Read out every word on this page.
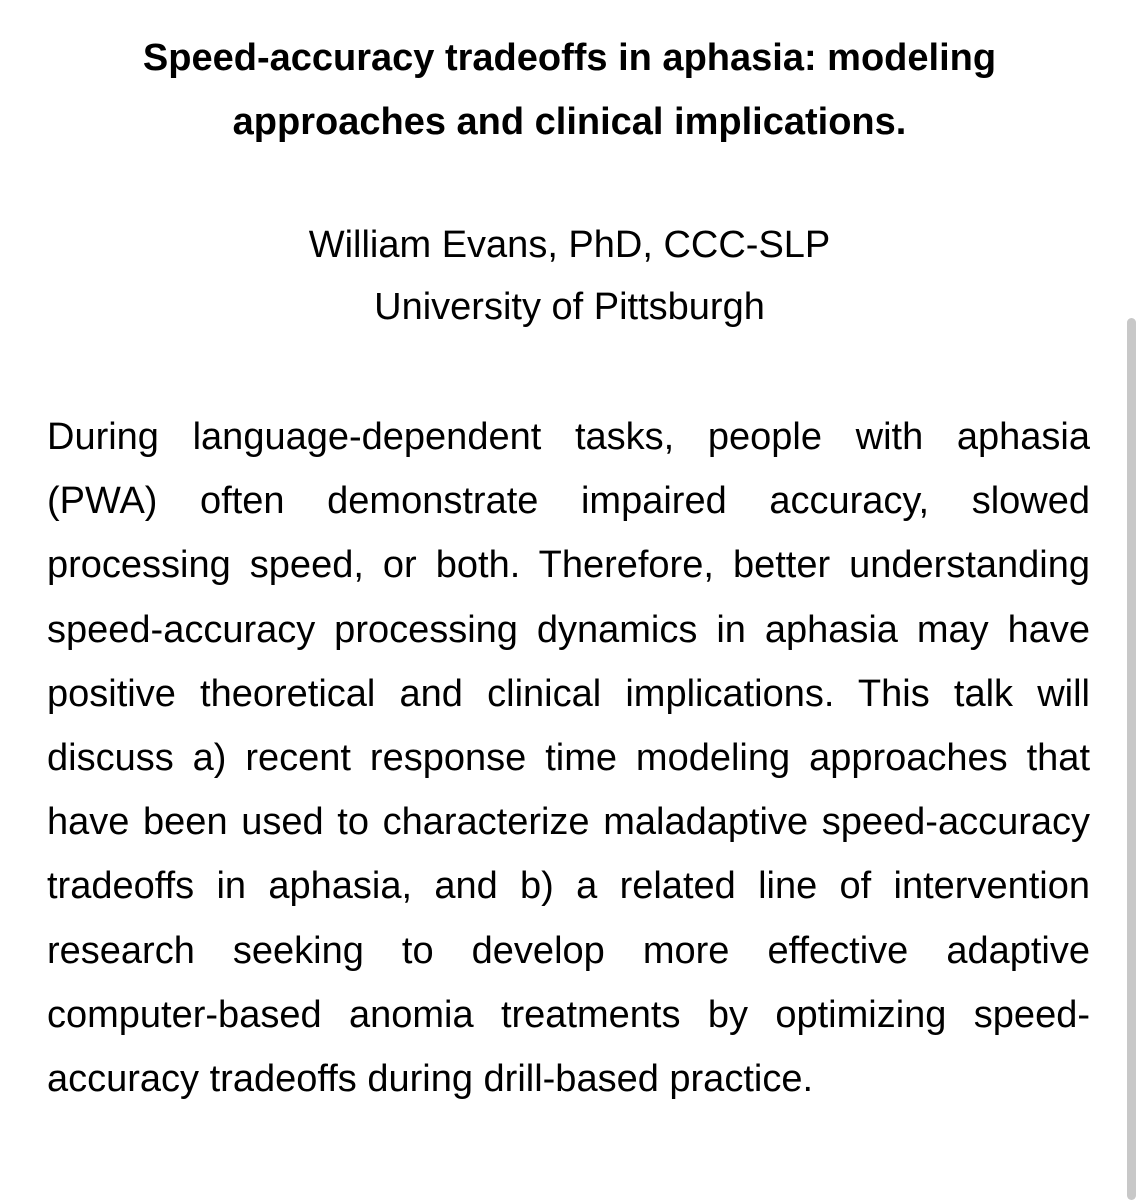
Speed-accuracy tradeoffs in aphasia: modeling approaches and clinical implications.
William Evans, PhD, CCC-SLP
University of Pittsburgh

During language-dependent tasks, people with aphasia (PWA) often demonstrate impaired accuracy, slowed processing speed, or both. Therefore, better understanding speed-accuracy processing dynamics in aphasia may have positive theoretical and clinical implications. This talk will discuss a) recent response time modeling approaches that have been used to characterize maladaptive speed-accuracy tradeoffs in aphasia, and b) a related line of intervention research seeking to develop more effective adaptive computer-based anomia treatments by optimizing speed-accuracy tradeoffs during drill-based practice.
